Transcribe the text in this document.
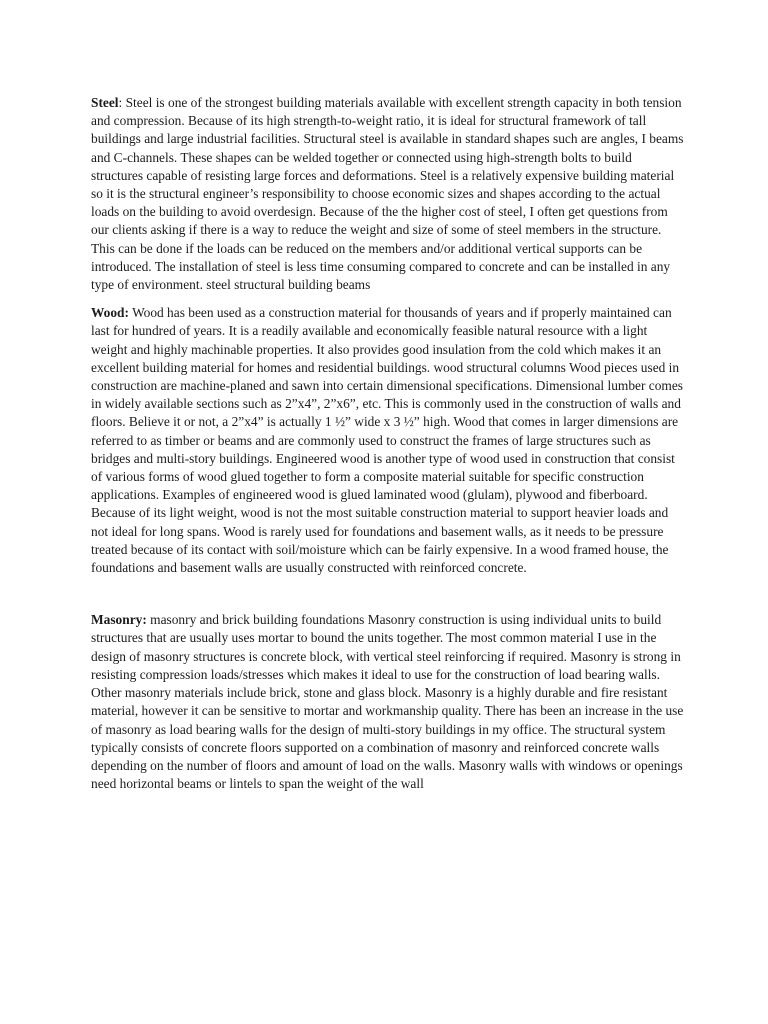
Steel: Steel is one of the strongest building materials available with excellent strength capacity in both tension and compression. Because of its high strength-to-weight ratio, it is ideal for structural framework of tall buildings and large industrial facilities. Structural steel is available in standard shapes such are angles, I beams and C-channels. These shapes can be welded together or connected using high-strength bolts to build structures capable of resisting large forces and deformations. Steel is a relatively expensive building material so it is the structural engineer’s responsibility to choose economic sizes and shapes according to the actual loads on the building to avoid overdesign. Because of the the higher cost of steel, I often get questions from our clients asking if there is a way to reduce the weight and size of some of steel members in the structure. This can be done if the loads can be reduced on the members and/or additional vertical supports can be introduced. The installation of steel is less time consuming compared to concrete and can be installed in any type of environment. steel structural building beams

Wood: Wood has been used as a construction material for thousands of years and if properly maintained can last for hundred of years. It is a readily available and economically feasible natural resource with a light weight and highly machinable properties. It also provides good insulation from the cold which makes it an excellent building material for homes and residential buildings. wood structural columns Wood pieces used in construction are machine-planed and sawn into certain dimensional specifications. Dimensional lumber comes in widely available sections such as 2”x4”, 2”x6”, etc. This is commonly used in the construction of walls and floors. Believe it or not, a 2”x4” is actually 1 ½” wide x 3 ½” high. Wood that comes in larger dimensions are referred to as timber or beams and are commonly used to construct the frames of large structures such as bridges and multi-story buildings. Engineered wood is another type of wood used in construction that consist of various forms of wood glued together to form a composite material suitable for specific construction applications. Examples of engineered wood is glued laminated wood (glulam), plywood and fiberboard. Because of its light weight, wood is not the most suitable construction material to support heavier loads and not ideal for long spans. Wood is rarely used for foundations and basement walls, as it needs to be pressure treated because of its contact with soil/moisture which can be fairly expensive. In a wood framed house, the foundations and basement walls are usually constructed with reinforced concrete.

Masonry: masonry and brick building foundations Masonry construction is using individual units to build structures that are usually uses mortar to bound the units together. The most common material I use in the design of masonry structures is concrete block, with vertical steel reinforcing if required. Masonry is strong in resisting compression loads/stresses which makes it ideal to use for the construction of load bearing walls. Other masonry materials include brick, stone and glass block. Masonry is a highly durable and fire resistant material, however it can be sensitive to mortar and workmanship quality. There has been an increase in the use of masonry as load bearing walls for the design of multi-story buildings in my office. The structural system typically consists of concrete floors supported on a combination of masonry and reinforced concrete walls depending on the number of floors and amount of load on the walls. Masonry walls with windows or openings need horizontal beams or lintels to span the weight of the wall
